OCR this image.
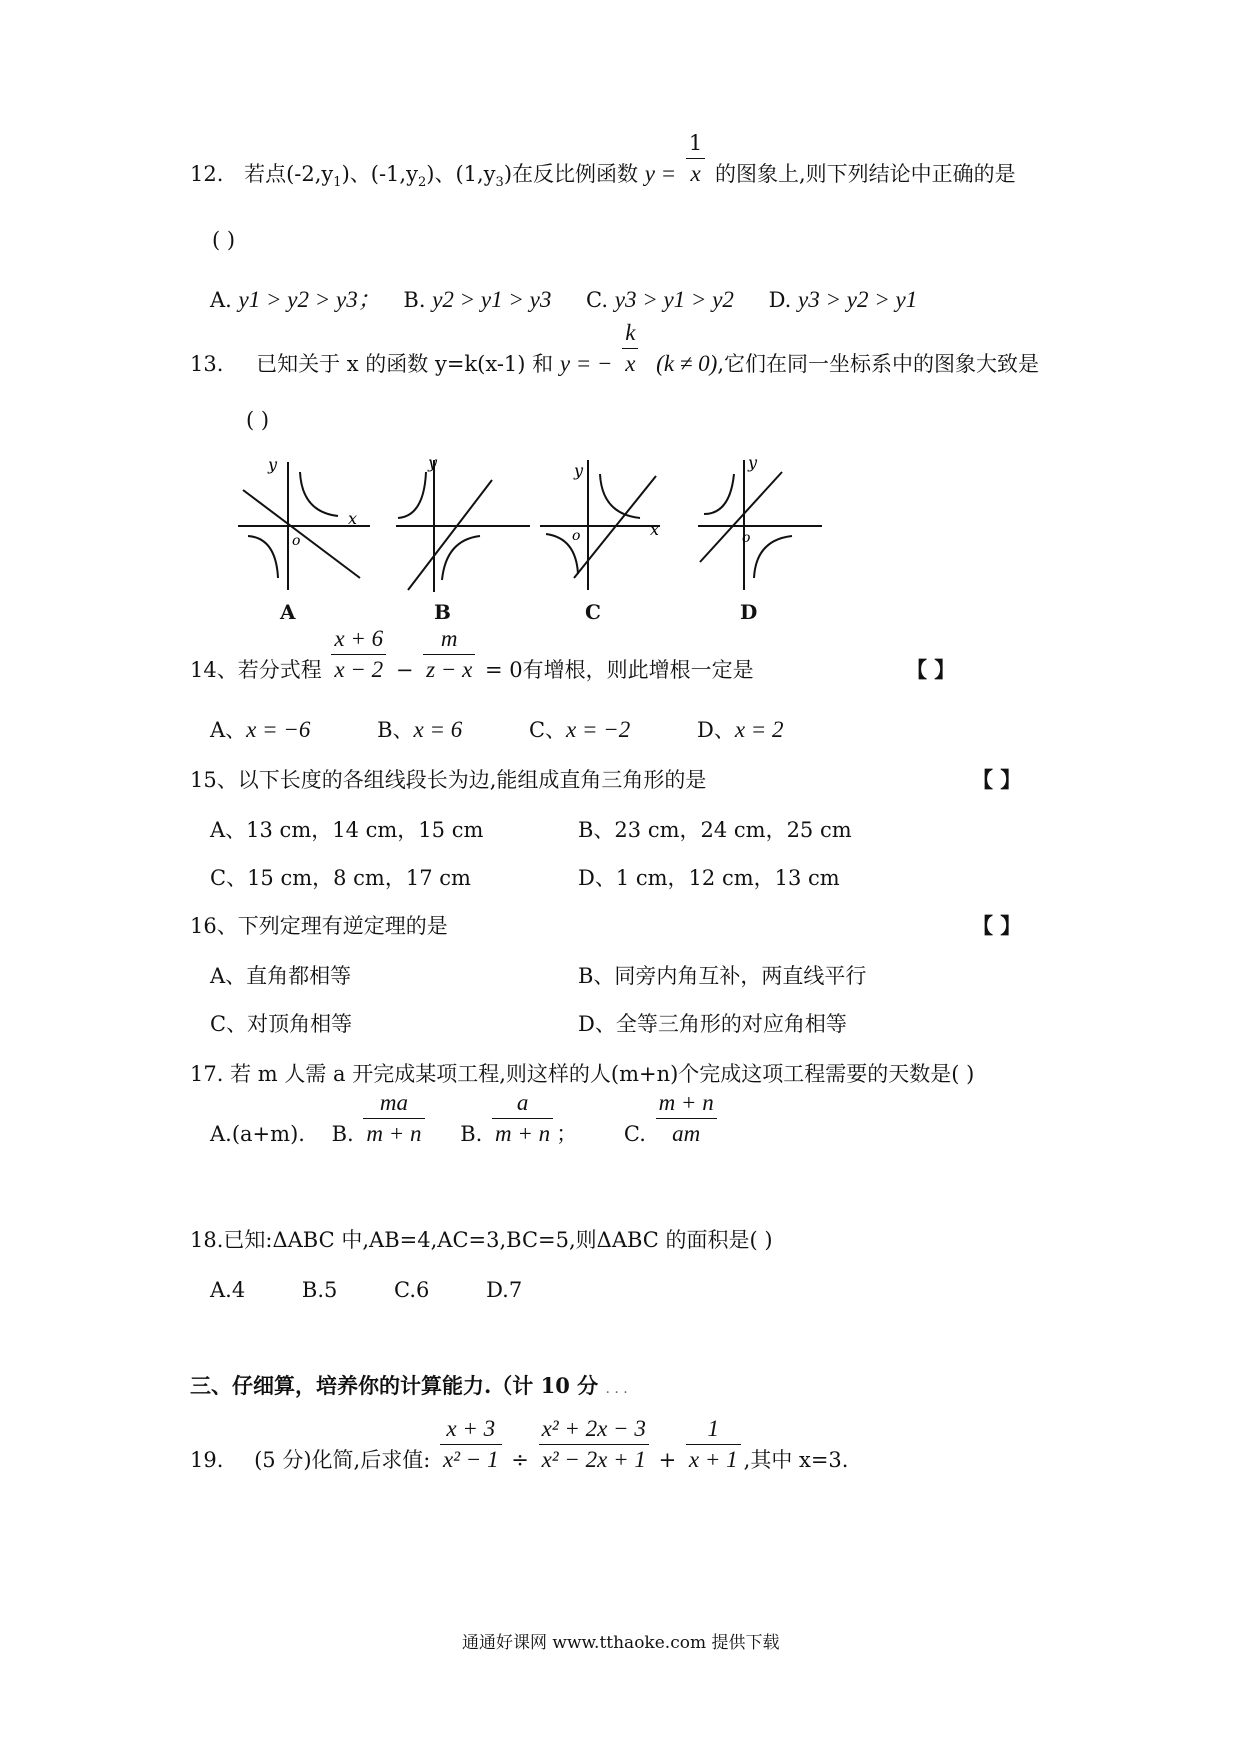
12. 若点$(-2,y_1)$、$(-1,y_2)$、$(1,y_3)$在反比例函数 $y = \frac{1}{x}$ 的图象上,则下列结论中正确的是
( )
A. y1 > y2 > y3； B. y2 > y1 > y3 C. y3 > y1 > y2 D. y3 > y2 > y1
13. 已知关于 x 的函数 y=k(x-1) 和 y = − $\frac{k}{x} (k \ne 0)$,它们在同一坐标系中的图象大致是
( )
y
x
o
A
y
B
y
x
o
C
y
o
D
14、若分式程 $\frac{x + 6}{x - 2} - \frac{m}{z - x} = 0$有增根，则此增根一定是	【 】
A、x = −6	B、x = 6	C、x = −2	D、x = 2
15、以下长度的各组线段长为边,能组成直角三角形的是	【 】
A、13 cm，14 cm，15 cm	B、23 cm，24 cm，25 cm
C、15 cm，8 cm，17 cm	D、1 cm，12 cm，13 cm
16、下列定理有逆定理的是	【 】
A、直角都相等	B、同旁内角互补，两直线平行
C、对顶角相等	D、全等三角形的对应角相等
17. 若 m 人需 a 开完成某项工程,则这样的人(m+n)个完成这项工程需要的天数是( )
A.(a+m). B. $\frac{ma}{m + n} B$. $\frac{a}{m + n}$ ； C. $\frac{m + n}{am}$
18.已知:ΔABC 中,AB=4,AC=3,BC=5,则ΔABC 的面积是( )
A.4	B.5	C.6	D.7
三、仔细算，培养你的计算能力.（计 10 分 . . .
19. (5 分)化简,后求值: $\frac{x + 3}{\text{x² − 1}} \div \frac{\text{x² + 2x − 3}}{\text{x² − 2x + 1}} + \frac{1}{x + 1}$ ,其中 x=3.
通通好课网 www.tthaoke.com 提供下载
